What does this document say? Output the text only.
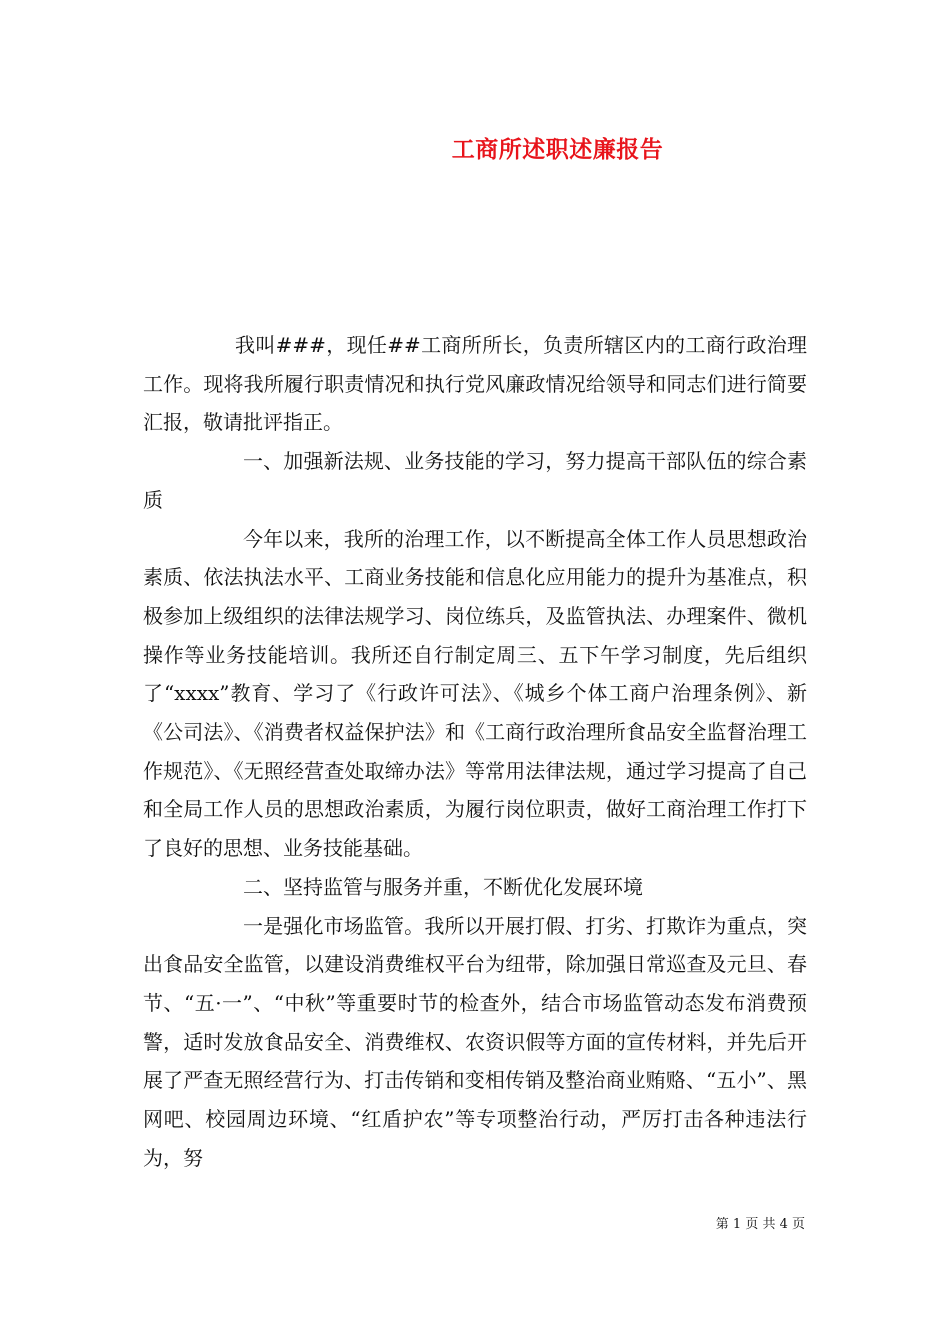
工商所述职述廉报告

我叫###，现任##工商所所长，负责所辖区内的工商行政治理工作。现将我所履行职责情况和执行党风廉政情况给领导和同志们进行简要汇报，敬请批评指正。

一、加强新法规、业务技能的学习，努力提高干部队伍的综合素质

今年以来，我所的治理工作，以不断提高全体工作人员思想政治素质、依法执法水平、工商业务技能和信息化应用能力的提升为基准点，积极参加上级组织的法律法规学习、岗位练兵，及监管执法、办理案件、微机操作等业务技能培训。我所还自行制定周三、五下午学习制度，先后组织了“xxxx”教育、学习了《行政许可法》、《城乡个体工商户治理条例》、新《公司法》、《消费者权益保护法》和《工商行政治理所食品安全监督治理工作规范》、《无照经营查处取缔办法》等常用法律法规，通过学习提高了自己和全局工作人员的思想政治素质，为履行岗位职责，做好工商治理工作打下了良好的思想、业务技能基础。

二、坚持监管与服务并重，不断优化发展环境

一是强化市场监管。我所以开展打假、打劣、打欺诈为重点，突出食品安全监管，以建设消费维权平台为纽带，除加强日常巡查及元旦、春节、“五·一”、“中秋”等重要时节的检查外，结合市场监管动态发布消费预警，适时发放食品安全、消费维权、农资识假等方面的宣传材料，并先后开展了严查无照经营行为、打击传销和变相传销及整治商业贿赂、“五小”、黑网吧、校园周边环境、“红盾护农”等专项整治行动，严厉打击各种违法行为，努

第 1 页 共 4 页
